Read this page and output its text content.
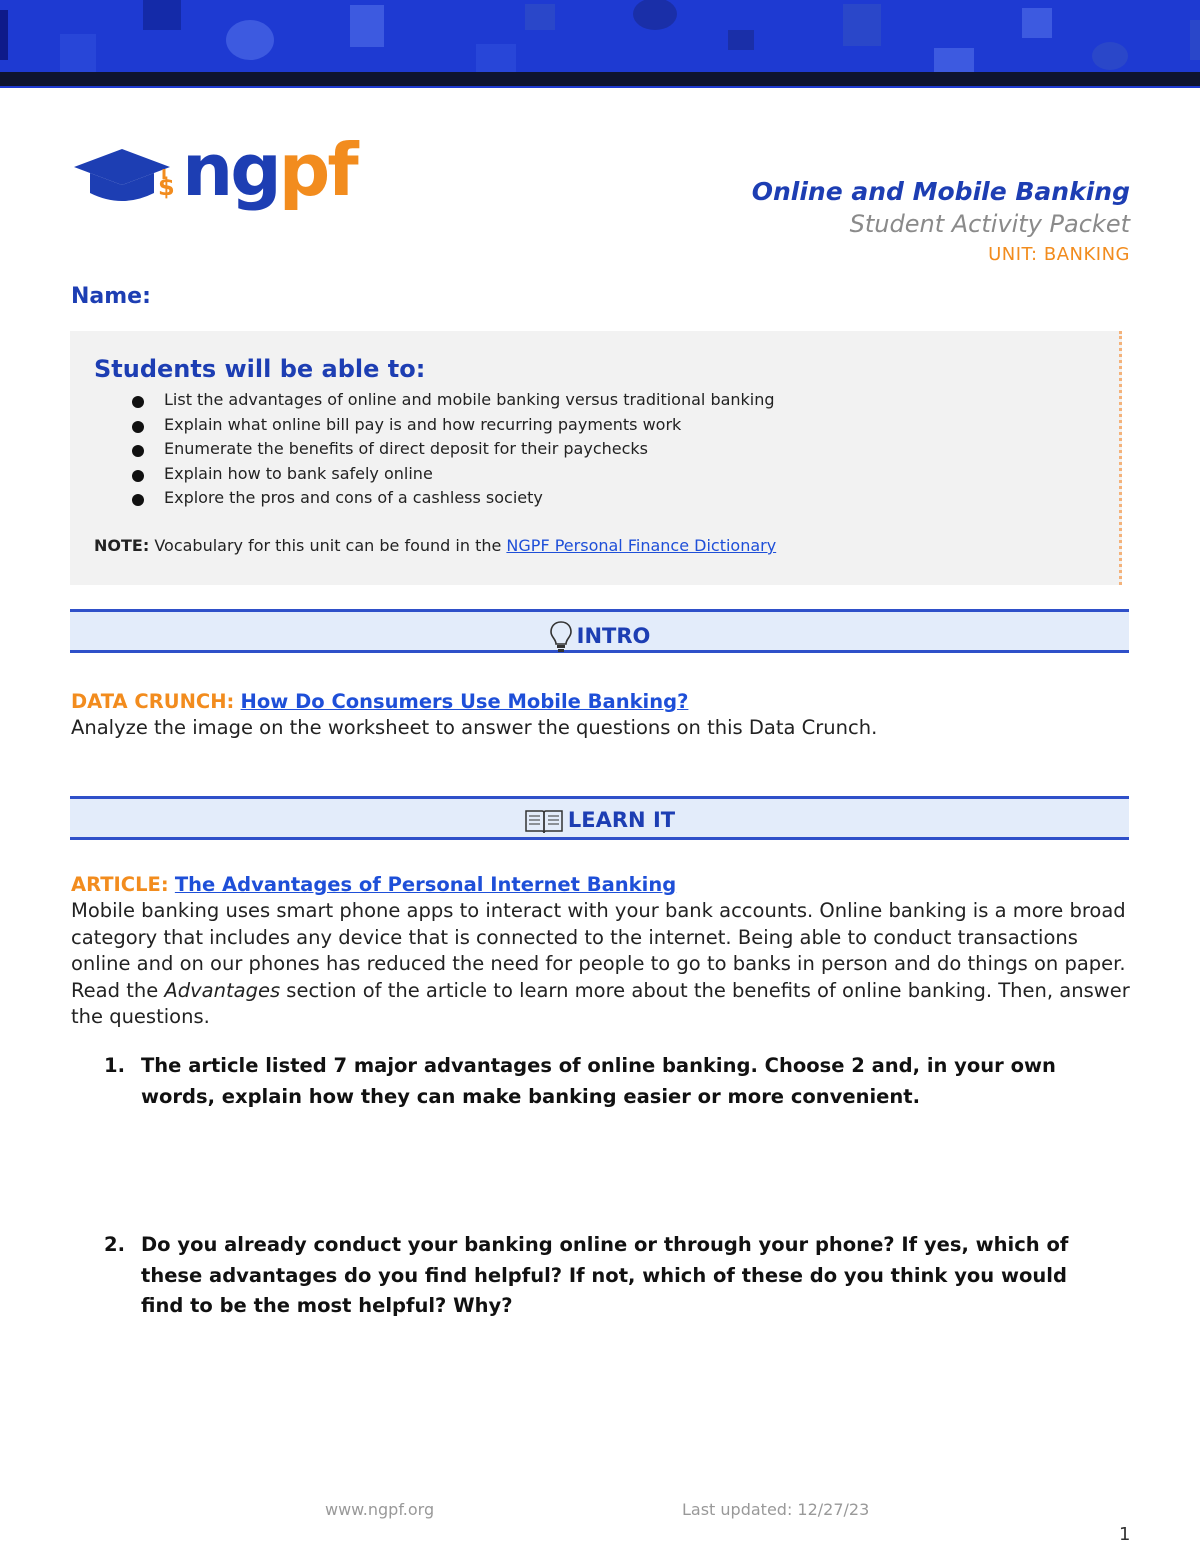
$ ngpf	Online and Mobile Banking
Student Activity Packet
UNIT: BANKING
Name:
Students will be able to:
List the advantages of online and mobile banking versus traditional banking
Explain what online bill pay is and how recurring payments work
Enumerate the benefits of direct deposit for their paychecks
Explain how to bank safely online
Explore the pros and cons of a cashless society
NOTE: Vocabulary for this unit can be found in the NGPF Personal Finance Dictionary
INTRO
DATA CRUNCH: How Do Consumers Use Mobile Banking?
Analyze the image on the worksheet to answer the questions on this Data Crunch.
LEARN IT
ARTICLE: The Advantages of Personal Internet Banking
Mobile banking uses smart phone apps to interact with your bank accounts. Online banking is a more broad category that includes any device that is connected to the internet. Being able to conduct transactions online and on our phones has reduced the need for people to go to banks in person and do things on paper. Read the Advantages section of the article to learn more about the benefits of online banking. Then, answer the questions.
1. The article listed 7 major advantages of online banking. Choose 2 and, in your own words, explain how they can make banking easier or more convenient.
2. Do you already conduct your banking online or through your phone? If yes, which of these advantages do you find helpful? If not, which of these do you think you would find to be the most helpful? Why?
www.ngpf.org	Last updated: 12/27/23
1
